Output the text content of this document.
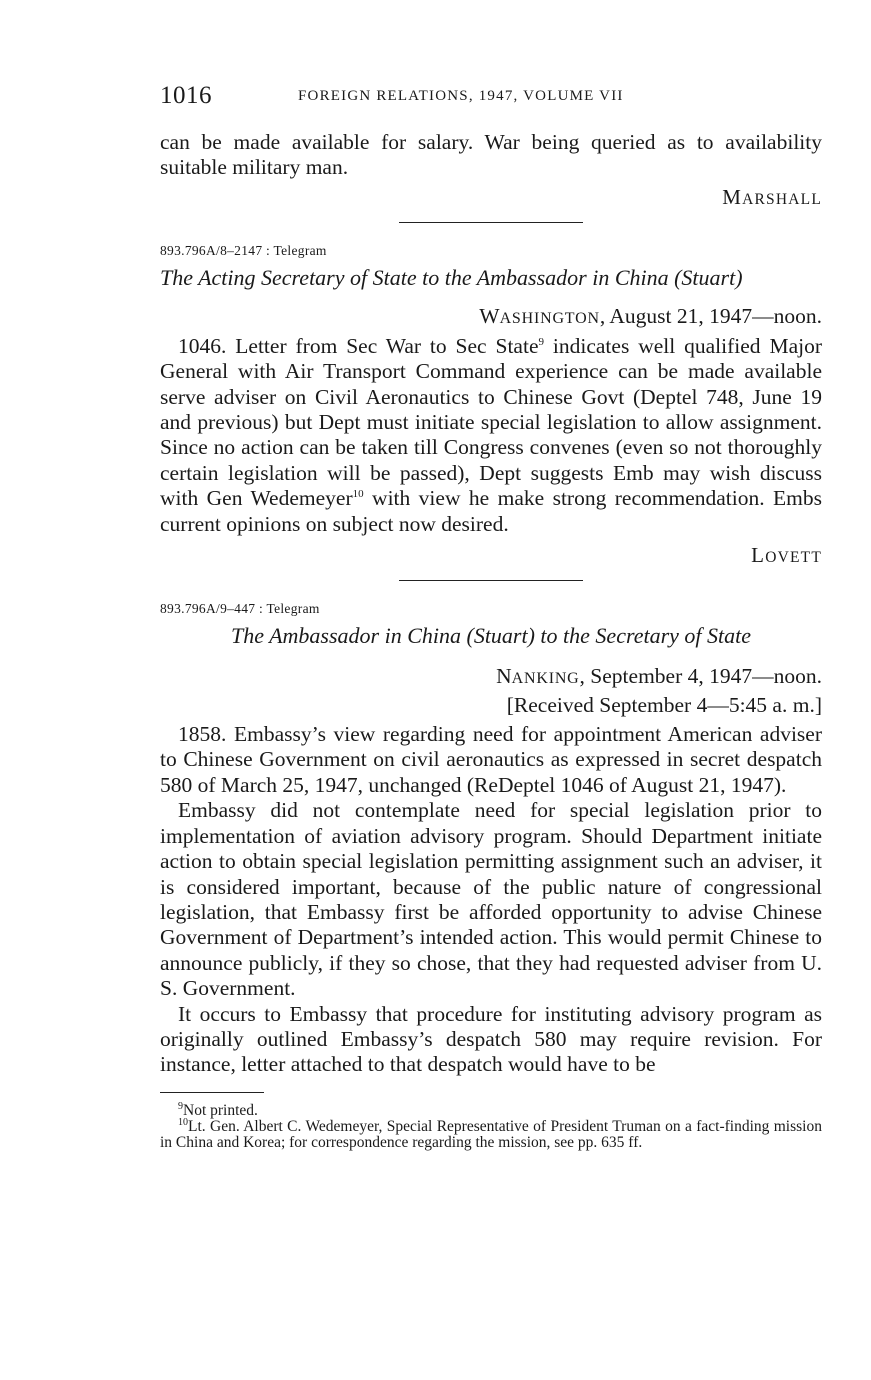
1016	FOREIGN RELATIONS, 1947, VOLUME VII

can be made available for salary. War being queried as to availability suitable military man.

MARSHALL

893.796A/8–2147 : Telegram

The Acting Secretary of State to the Ambassador in China (Stuart)

WASHINGTON, August 21, 1947—noon.

1046. Letter from Sec War to Sec State$^9$ indicates well qualified Major General with Air Transport Command experience can be made available serve adviser on Civil Aeronautics to Chinese Govt (Deptel 748, June 19 and previous) but Dept must initiate special legislation to allow assignment. Since no action can be taken till Congress convenes (even so not thoroughly certain legislation will be passed), Dept suggests Emb may wish discuss with Gen Wedemeyer$^{10}$ with view he make strong recommendation. Embs current opinions on subject now desired.

LOVETT

893.796A/9–447 : Telegram

The Ambassador in China (Stuart) to the Secretary of State

NANKING, September 4, 1947—noon.

[Received September 4—5:45 a. m.]

1858. Embassy’s view regarding need for appointment American adviser to Chinese Government on civil aeronautics as expressed in secret despatch 580 of March 25, 1947, unchanged (ReDeptel 1046 of August 21, 1947).

Embassy did not contemplate need for special legislation prior to implementation of aviation advisory program. Should Department initiate action to obtain special legislation permitting assignment such an adviser, it is considered important, because of the public nature of congressional legislation, that Embassy first be afforded opportunity to advise Chinese Government of Department’s intended action. This would permit Chinese to announce publicly, if they so chose, that they had requested adviser from U. S. Government.

It occurs to Embassy that procedure for instituting advisory program as originally outlined Embassy’s despatch 580 may require revision. For instance, letter attached to that despatch would have to be

$^9$Not printed.

$^{10}$Lt. Gen. Albert C. Wedemeyer, Special Representative of President Truman on a fact-finding mission in China and Korea; for correspondence regarding the mission, see pp. 635 ff.
